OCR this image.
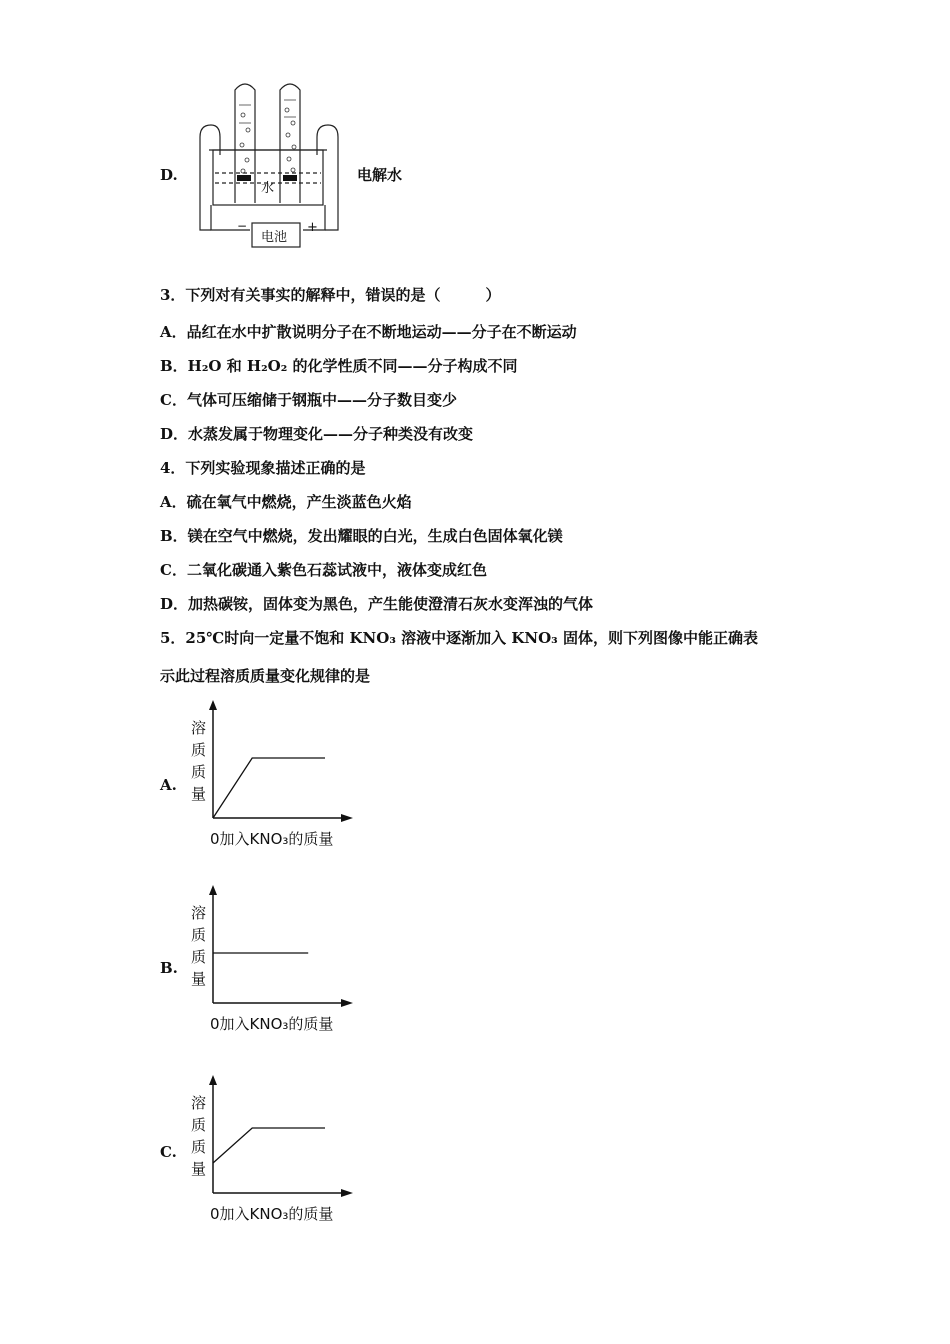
D.
水
电池
−	+
电解水
3．下列对有关事实的解释中，错误的是（　　　）
A．品红在水中扩散说明分子在不断地运动——分子在不断运动
B．H₂O 和 H₂O₂ 的化学性质不同——分子构成不同
C．气体可压缩储于钢瓶中——分子数目变少
D．水蒸发属于物理变化——分子种类没有改变
4．下列实验现象描述正确的是
A．硫在氧气中燃烧，产生淡蓝色火焰
B．镁在空气中燃烧，发出耀眼的白光，生成白色固体氧化镁
C．二氧化碳通入紫色石蕊试液中，液体变成红色
D．加热碳铵，固体变为黑色，产生能使澄清石灰水变浑浊的气体
5．25℃时向一定量不饱和 KNO₃ 溶液中逐渐加入 KNO₃ 固体，则下列图像中能正确表
示此过程溶质质量变化规律的是
A.
溶
质
质
量
0加入KNO₃的质量
B.
溶
质
质
量
0加入KNO₃的质量
C.
溶
质
质
量
0加入KNO₃的质量
